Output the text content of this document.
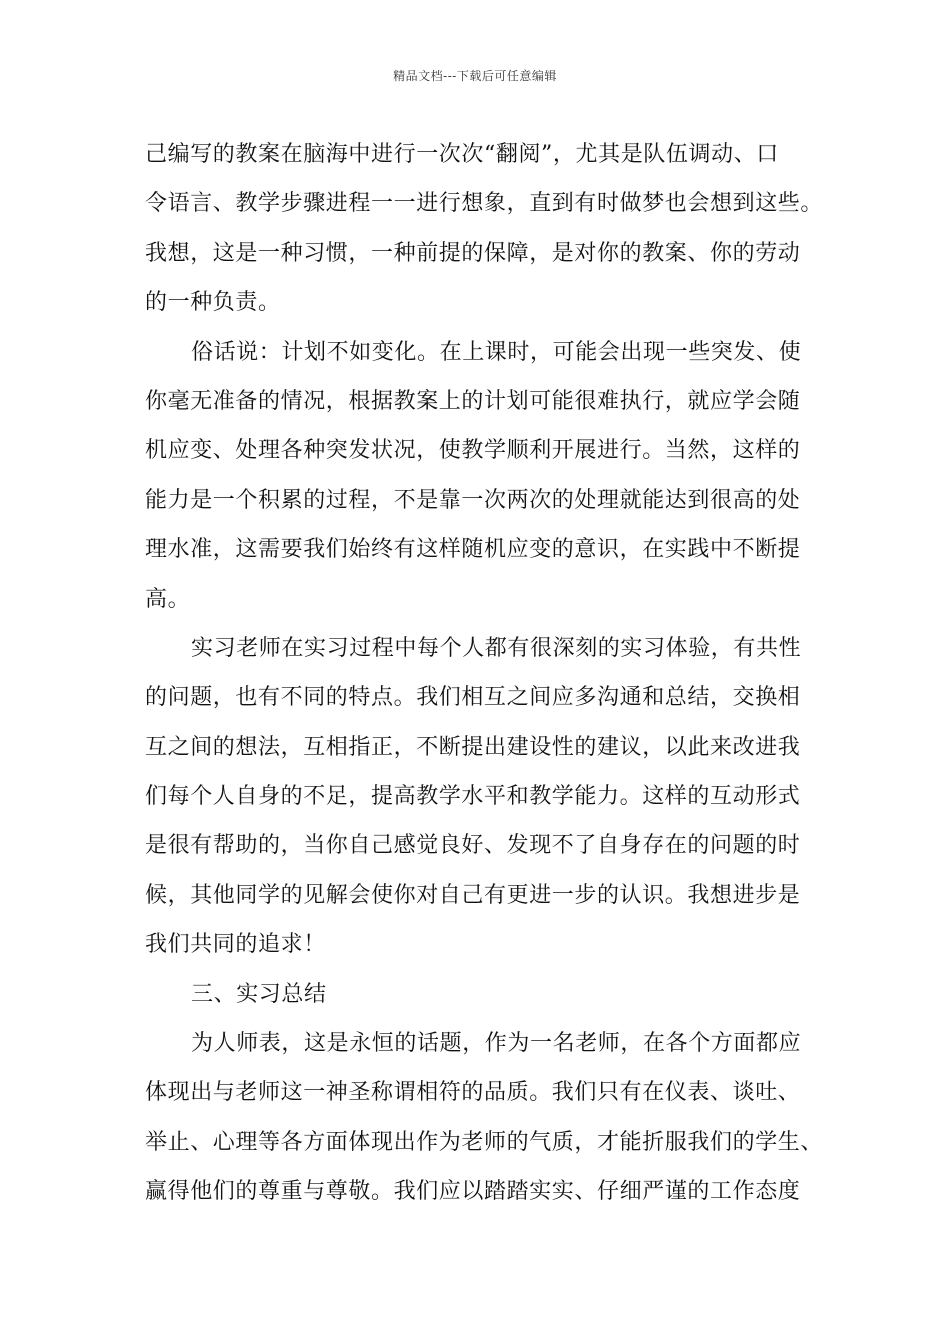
精品文档---下载后可任意编辑
己编写的教案在脑海中进行一次次“翻阅”，尤其是队伍调动、口
令语言、教学步骤进程一一进行想象，直到有时做梦也会想到这些。
我想，这是一种习惯，一种前提的保障，是对你的教案、你的劳动
的一种负责。
俗话说：计划不如变化。在上课时，可能会出现一些突发、使
你毫无准备的情况，根据教案上的计划可能很难执行，就应学会随
机应变、处理各种突发状况，使教学顺利开展进行。当然，这样的
能力是一个积累的过程，不是靠一次两次的处理就能达到很高的处
理水准，这需要我们始终有这样随机应变的意识，在实践中不断提
高。
实习老师在实习过程中每个人都有很深刻的实习体验，有共性
的问题，也有不同的特点。我们相互之间应多沟通和总结，交换相
互之间的想法，互相指正，不断提出建设性的建议，以此来改进我
们每个人自身的不足，提高教学水平和教学能力。这样的互动形式
是很有帮助的，当你自己感觉良好、发现不了自身存在的问题的时
候，其他同学的见解会使你对自己有更进一步的认识。我想进步是
我们共同的追求！
三、实习总结
为人师表，这是永恒的话题，作为一名老师，在各个方面都应
体现出与老师这一神圣称谓相符的品质。我们只有在仪表、谈吐、
举止、心理等各方面体现出作为老师的气质，才能折服我们的学生、
赢得他们的尊重与尊敬。我们应以踏踏实实、仔细严谨的工作态度
